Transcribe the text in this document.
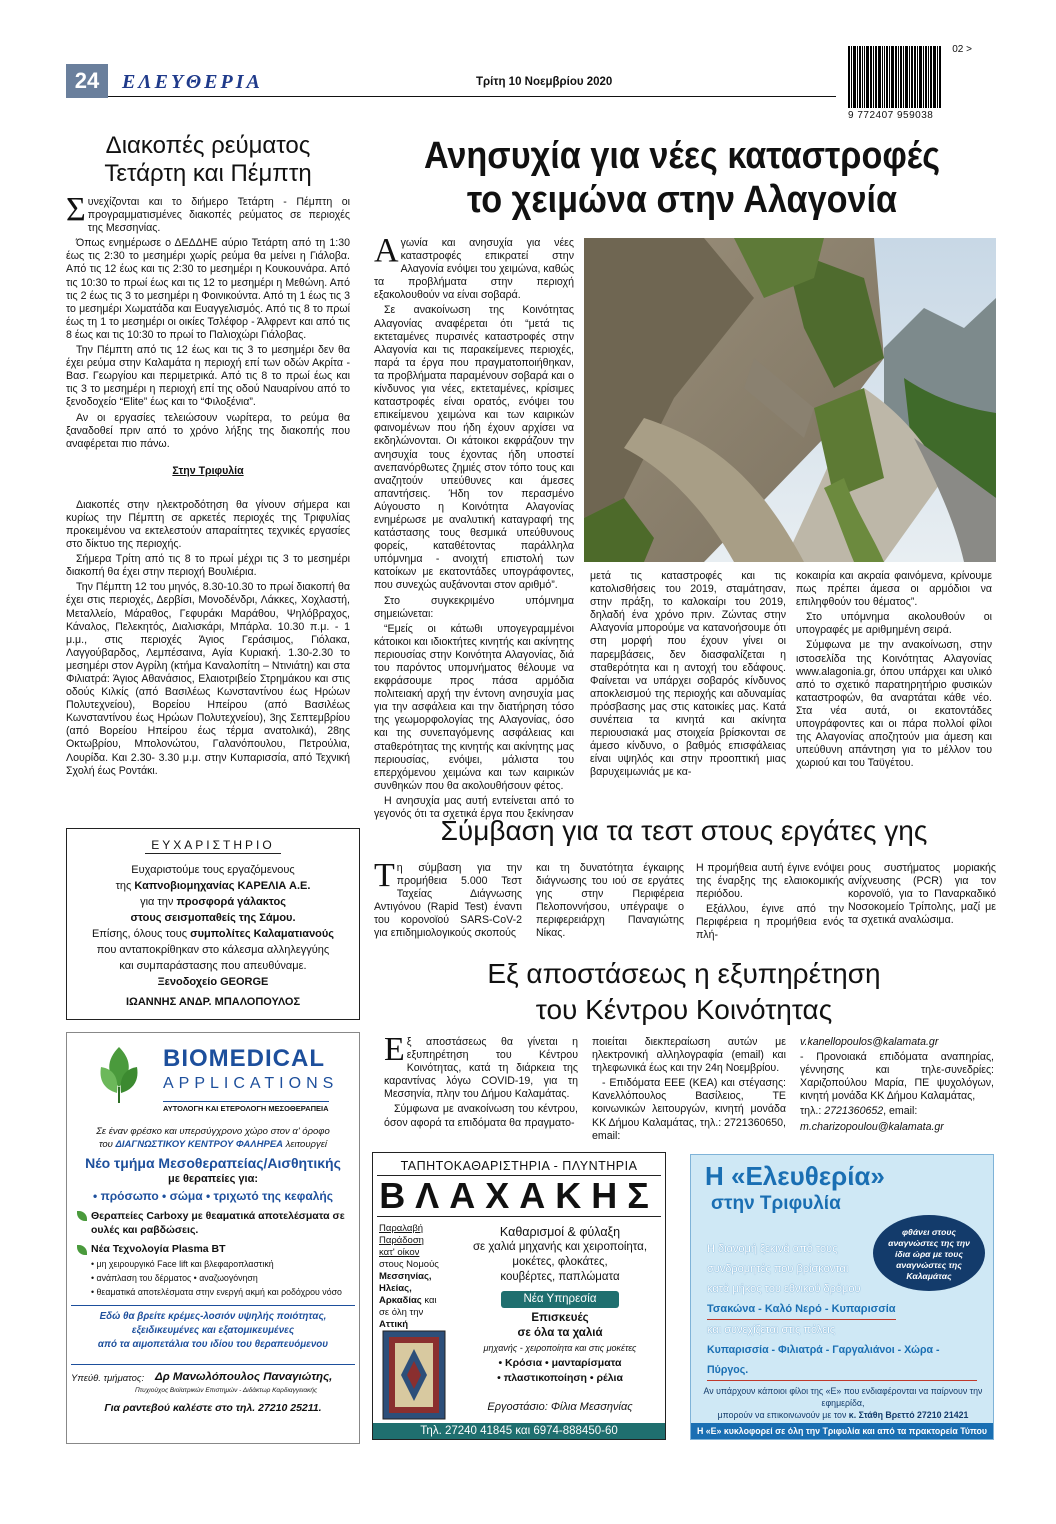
24	ΕΛΕΥΘΕΡΙΑ	Τρίτη 10 Νοεμβρίου 2020
02 >
9 772407 959038
Διακοπές ρεύματος
Τετάρτη και Πέμπτη

Συνεχίζονται και το διήμερο Τετάρτη - Πέμπτη οι προγραμματισμένες διακοπές ρεύματος σε περιοχές της Μεσσηνίας.

Όπως ενημέρωσε ο ΔΕΔΔΗΕ αύριο Τετάρτη από τη 1:30 έως τις 2:30 το μεσημέρι χωρίς ρεύμα θα μείνει η Γιάλοβα. Από τις 12 έως και τις 2:30 το μεσημέρι η Κουκουνάρα. Από τις 10:30 το πρωί έως και τις 12 το μεσημέρι η Μεθώνη. Από τις 2 έως τις 3 το μεσημέρι η Φοινικούντα. Από τη 1 έως τις 3 το μεσημέρι Χωματάδα και Ευαγγελισμός. Από τις 8 το πρωί έως τη 1 το μεσημέρι οι οικίες Τσλέφορ - Άλφρεντ και από τις 8 έως και τις 10:30 το πρωί το Παλιοχώρι Γιάλοβας.

Την Πέμπτη από τις 12 έως και τις 3 το μεσημέρι δεν θα έχει ρεύμα στην Καλαμάτα η περιοχή επί των οδών Ακρίτα - Βασ. Γεωργίου και περιμετρικά. Από τις 8 το πρωί έως και τις 3 το μεσημέρι η περιοχή επί της οδού Ναυαρίνου από το ξενοδοχείο “Elite” έως και το “Φιλοξένια”.

Αν οι εργασίες τελειώσουν νωρίτερα, το ρεύμα θα ξαναδοθεί πριν από το χρόνο λήξης της διακοπής που αναφέρεται πιο πάνω.

Στην Τριφυλία

Διακοπές στην ηλεκτροδότηση θα γίνουν σήμερα και κυρίως την Πέμπτη σε αρκετές περιοχές της Τριφυλίας προκειμένου να εκτελεστούν απαραίτητες τεχνικές εργασίες στο δίκτυο της περιοχής.

Σήμερα Τρίτη από τις 8 το πρωί μέχρι τις 3 το μεσημέρι διακοπή θα έχει στην περιοχή Βουλιέρια.

Την Πέμπτη 12 του μηνός, 8.30-10.30 το πρωί διακοπή θα έχει στις περιοχές, Δερβίσι, Μονοδένδρι, Λάκκες, Χοχλαστή, Μεταλλείο, Μάραθος, Γεφυράκι Μαράθου, Ψηλόβραχος, Κάναλος, Πελεκητός, Διαλισκάρι, Μπάρλα. 10.30 π.μ. - 1 μ.μ., στις περιοχές Άγιος Γεράσιμος, Γιόλακα, Λαγγούβαρδος, Λεμπέσαινα, Αγία Κυριακή. 1.30-2.30 το μεσημέρι στον Αγρίλη (κτήμα Καναλοπίτη – Ντινιάτη) και στα Φιλιατρά: Άγιος Αθανάσιος, Ελαιοτριβείο Στρημάκου και στις οδούς Κιλκίς (από Βασιλέως Κωνσταντίνου έως Ηρώων Πολυτεχνείου), Βορείου Ηπείρου (από Βασιλέως Κωνσταντίνου έως Ηρώων Πολυτεχνείου), 3ης Σεπτεμβρίου (από Βορείου Ηπείρου έως τέρμα ανατολικά), 28ης Οκτωβρίου, Μπολονώτου, Γαλανόπουλου, Πετρούλια, Λουρίδα. Και 2.30- 3.30 μ.μ. στην Κυπαρισσία, από Τεχνική Σχολή έως Ροντάκι.

ΕΥΧΑΡΙΣΤΗΡΙΟ
Ευχαριστούμε τους εργαζόμενους
της Καπνοβιομηχανίας ΚΑΡΕΛΙΑ Α.Ε.
για την προσφορά γάλακτος
στους σεισμοπαθείς της Σάμου.
Επίσης, όλους τους συμπολίτες Καλαματιανούς
που ανταποκρίθηκαν στο κάλεσμα αλληλεγγύης
και συμπαράστασης που απευθύναμε.
Ξενοδοχείο GEORGE
ΙΩΑΝΝΗΣ ΑΝΔΡ. ΜΠΑΛΟΠΟΥΛΟΣ
BIOMEDICAL
APPLICATIONS
ΑΥΤΟΛΟΓΗ ΚΑΙ ΕΤΕΡΟΛΟΓΗ ΜΕΣΟΘΕΡΑΠΕΙΑ
Σε έναν φρέσκο και υπερσύγχρονο χώρο στον α' όροφο
του ΔΙΑΓΝΩΣΤΙΚΟΥ ΚΕΝΤΡΟΥ ΦΑΛΗΡΕΑ λειτουργεί
Νέο τμήμα Μεσοθεραπείας/Αισθητικής
με θεραπείες για:
• πρόσωπο • σώμα • τριχωτό της κεφαλής
Θεραπείες Carboxy με θεαματικά αποτελέσματα σε ουλές και ραβδώσεις.
Νέα Τεχνολογία Plasma BT
• μη χειρουργικό Face lift και βλεφαροπλαστική
• ανάπλαση του δέρματος • αναζωογόνηση
• θεαματικά αποτελέσματα στην ενεργή ακμή και ροδόχρου νόσο
Εδώ θα βρείτε κρέμες-λοσιόν υψηλής ποιότητας,
εξειδικευμένες και εξατομικευμένες
από τα αιμοπετάλια του ιδίου του θεραπευόμενου
Υπεύθ. τμήματος: Δρ Μανωλόπουλος Παναγιώτης,
Πτυχιούχος Βιοϊατρικών Επιστημών - Διδάκτωρ Καρδιαγγειακής
Για ραντεβού καλέστε στο τηλ. 27210 25211.
Ανησυχία για νέες καταστροφές
το χειμώνα στην Αλαγονία

Αγωνία και ανησυχία για νέες καταστροφές επικρατεί στην Αλαγονία ενόψει του χειμώνα, καθώς τα προβλήματα στην περιοχή εξακολουθούν να είναι σοβαρά.

Σε ανακοίνωση της Κοινότητας Αλαγονίας αναφέρεται ότι “μετά τις εκτεταμένες πυρσινές καταστροφές στην Αλαγονία και τις παρακείμενες περιοχές, παρά τα έργα που πραγματοποιήθηκαν, τα προβλήματα παραμένουν σοβαρά και ο κίνδυνος για νέες, εκτεταμένες, κρίσιμες καταστροφές είναι ορατός, ενόψει του επικείμενου χειμώνα και των καιρικών φαινομένων που ήδη έχουν αρχίσει να εκδηλώνονται. Οι κάτοικοι εκφράζουν την ανησυχία τους έχοντας ήδη υποστεί ανεπανόρθωτες ζημιές στον τόπο τους και αναζητούν υπεύθυνες και άμεσες απαντήσεις. Ήδη τον περασμένο Αύγουστο η Κοινότητα Αλαγονίας ενημέρωσε με αναλυτική καταγραφή της κατάστασης τους θεσμικά υπεύθυνους φορείς, καταθέτοντας παράλληλα υπόμνημα - ανοιχτή επιστολή των κατοίκων με εκατοντάδες υπογράφοντες, που συνεχώς αυξάνονται στον αριθμό”.

Στο συγκεκριμένο υπόμνημα σημειώνεται:

“Εμείς οι κάτωθι υπογεγραμμένοι κάτοικοι και ιδιοκτήτες κινητής και ακίνητης περιουσίας στην Κοινότητα Αλαγονίας, διά του παρόντος υπομνήματος θέλουμε να εκφράσουμε προς πάσα αρμόδια πολιτειακή αρχή την έντονη ανησυχία μας για την ασφάλεια και την διατήρηση τόσο της γεωμορφολογίας της Αλαγονίας, όσο και της συνεπαγόμενης ασφάλειας και σταθερότητας της κινητής και ακίνητης μας περιουσίας, ενόψει, μάλιστα του επερχόμενου χειμώνα και των καιρικών συνθηκών που θα ακολουθήσουν φέτος.

Η ανησυχία μας αυτή εντείνεται από το γεγονός ότι τα σχετικά έργα που ξεκίνησαν

μετά τις καταστροφές και τις κατολισθήσεις του 2019, σταμάτησαν, στην πράξη, το καλοκαίρι του 2019, δηλαδή ένα χρόνο πριν. Ζώντας στην Αλαγονία μπορούμε να κατανοήσουμε ότι στη μορφή που έχουν γίνει οι παρεμβάσεις, δεν διασφαλίζεται η σταθερότητα και η αντοχή του εδάφους. Φαίνεται να υπάρχει σοβαρός κίνδυνος αποκλεισμού της περιοχής και αδυναμίας πρόσβασης μας στις κατοικίες μας. Κατά συνέπεια τα κινητά και ακίνητα περιουσιακά μας στοιχεία βρίσκονται σε άμεσο κίνδυνο, ο βαθμός επισφάλειας είναι υψηλός και στην προοπτική μιας βαρυχειμωνιάς με κα-

κοκαιρία και ακραία φαινόμενα, κρίνουμε πως πρέπει άμεσα οι αρμόδιοι να επιληφθούν του θέματος”.

Στο υπόμνημα ακολουθούν οι υπογραφές με αριθμημένη σειρά.

Σύμφωνα με την ανακοίνωση, στην ιστοσελίδα της Κοινότητας Αλαγονίας www.alagonia.gr, όπου υπάρχει και υλικό από το σχετικό παρατηρητήριο φυσικών καταστροφών, θα αναρτάται κάθε νέο. Στα νέα αυτά, οι εκατοντάδες υπογράφοντες και οι πάρα πολλοί φίλοι της Αλαγονίας αποζητούν μια άμεση και υπεύθυνη απάντηση για το μέλλον του χωριού και του Ταϋγέτου.

Σύμβαση για τα τεστ στους εργάτες γης

Τη σύμβαση για την προμήθεια 5.000 Τεστ Ταχείας Διάγνωσης Αντιγόνου (Rapid Test) έναντι του κορονοϊού SARS-CoV-2 για επιδημιολογικούς σκοπούς

και τη δυνατότητα έγκαιρης διάγνωσης του ιού σε εργάτες γης στην Περιφέρεια Πελοποννήσου, υπέγραψε ο περιφερειάρχη Παναγιώτης Νίκας.

Η προμήθεια αυτή έγινε ενόψει της έναρξης της ελαιοκομικής περιόδου.

Εξάλλου, έγινε από την Περιφέρεια η προμήθεια ενός πλή-

ρους συστήματος μοριακής ανίχνευσης (PCR) για τον κορονοϊό, για το Παναρκαδικό Νοσοκομείο Τρίπολης, μαζί με τα σχετικά αναλώσιμα.

Εξ αποστάσεως η εξυπηρέτηση
του Κέντρου Κοινότητας

Εξ αποστάσεως θα γίνεται η εξυπηρέτηση του Κέντρου Κοινότητας, κατά τη διάρκεια της καραντίνας λόγω COVID-19, για τη Μεσσηνία, πλην του Δήμου Καλαμάτας.

Σύμφωνα με ανακοίνωση του κέντρου, όσον αφορά τα επιδόματα θα πραγματο-

ποιείται διεκπεραίωση αυτών με ηλεκτρονική αλληλογραφία (email) και τηλεφωνικά έως και την 24η Νοεμβρίου.

- Επιδόματα ΕΕΕ (ΚΕΑ) και στέγασης: Κανελλόπουλος Βασίλειος, ΤΕ κοινωνικών λειτουργών, κινητή μονάδα ΚΚ Δήμου Καλαμάτας, τηλ.: 2721360650, email:

v.kanellopoulos@kalamata.gr

- Προνοιακά επιδόματα αναπηρίας, γέννησης και τηλε-συνεδρίες: Χαριζοπούλου Μαρία, ΠΕ ψυχολόγων, κινητή μονάδα ΚΚ Δήμου Καλαμάτας,

τηλ.: 2721360652, email:

m.charizopoulou@kalamata.gr

ΤΑΠΗΤΟΚΑΘΑΡΙΣΤΗΡΙΑ - ΠΛΥΝΤΗΡΙΑ
ΒΛΑΧΑΚΗΣ
Παραλαβή
Παράδοση
κατ' οίκον
στους Νομούς
Μεσσηνίας,
Ηλείας,
Αρκαδίας και
σε όλη την Αττική
Καθαρισμοί & φύλαξη
σε χαλιά μηχανής και χειροποίητα,
μοκέτες, φλοκάτες,
κουβέρτες, παπλώματα
Νέα Υπηρεσία
Επισκευές
σε όλα τα χαλιά
μηχανής - χειροποίητα και στις μοκέτες
• Κρόσια • μανταρίσματα
• πλαστικοποίηση • ρέλια
Εργοστάσιο: Φίλια Μεσσηνίας
Τηλ. 27240 41845 και 6974-888450-60
Η «Ελευθερία»
στην Τριφυλία
φθάνει στους αναγνώστες της την ίδια ώρα με τους αναγνώστες της Καλαμάτας
Η διανομή ξεκινά από τους
συνδρομητές που βρίσκονται
κατά μήκος του εθνικού δρόμου
Τσακώνα - Καλό Νερό - Κυπαρισσία
και συνεχίζεται στις πόλεις
Κυπαρισσία - Φιλιατρά - Γαργαλιάνοι - Χώρα - Πύργος.
Αν υπάρχουν κάποιοι φίλοι της «Ε» που ενδιαφέρονται να παίρνουν την εφημερίδα,
μπορούν να επικοινωνούν με τον κ. Στάθη Βρεττό 27210 21421
Η «Ε» κυκλοφορεί σε όλη την Τριφυλία και από τα πρακτορεία Τύπου
